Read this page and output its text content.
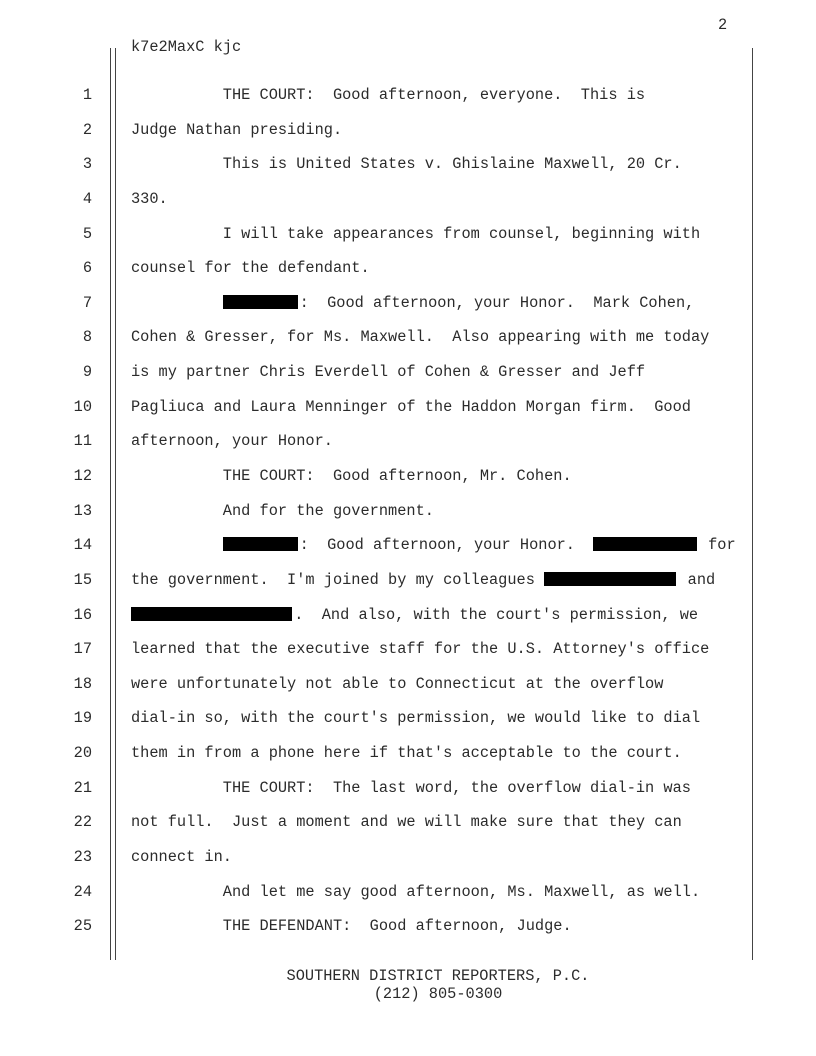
2
k7e2MaxC kjc
1	THE COURT:  Good afternoon, everyone.  This is
2	Judge Nathan presiding.
3	This is United States v. Ghislaine Maxwell, 20 Cr.
4	330.
5	I will take appearances from counsel, beginning with
6	counsel for the defendant.
7	:  Good afternoon, your Honor.  Mark Cohen,
8	Cohen & Gresser, for Ms. Maxwell.  Also appearing with me today
9	is my partner Chris Everdell of Cohen & Gresser and Jeff
10	Pagliuca and Laura Menninger of the Haddon Morgan firm.  Good
11	afternoon, your Honor.
12	THE COURT:  Good afternoon, Mr. Cohen.
13	And for the government.
14	:  Good afternoon, your Honor.	for
15	the government.  I'm joined by my colleagues	and
16	.  And also, with the court's permission, we
17	learned that the executive staff for the U.S. Attorney's office
18	were unfortunately not able to Connecticut at the overflow
19	dial-in so, with the court's permission, we would like to dial
20	them in from a phone here if that's acceptable to the court.
21	THE COURT:  The last word, the overflow dial-in was
22	not full.  Just a moment and we will make sure that they can
23	connect in.
24	And let me say good afternoon, Ms. Maxwell, as well.
25	THE DEFENDANT:  Good afternoon, Judge.
SOUTHERN DISTRICT REPORTERS, P.C.
(212) 805-0300
